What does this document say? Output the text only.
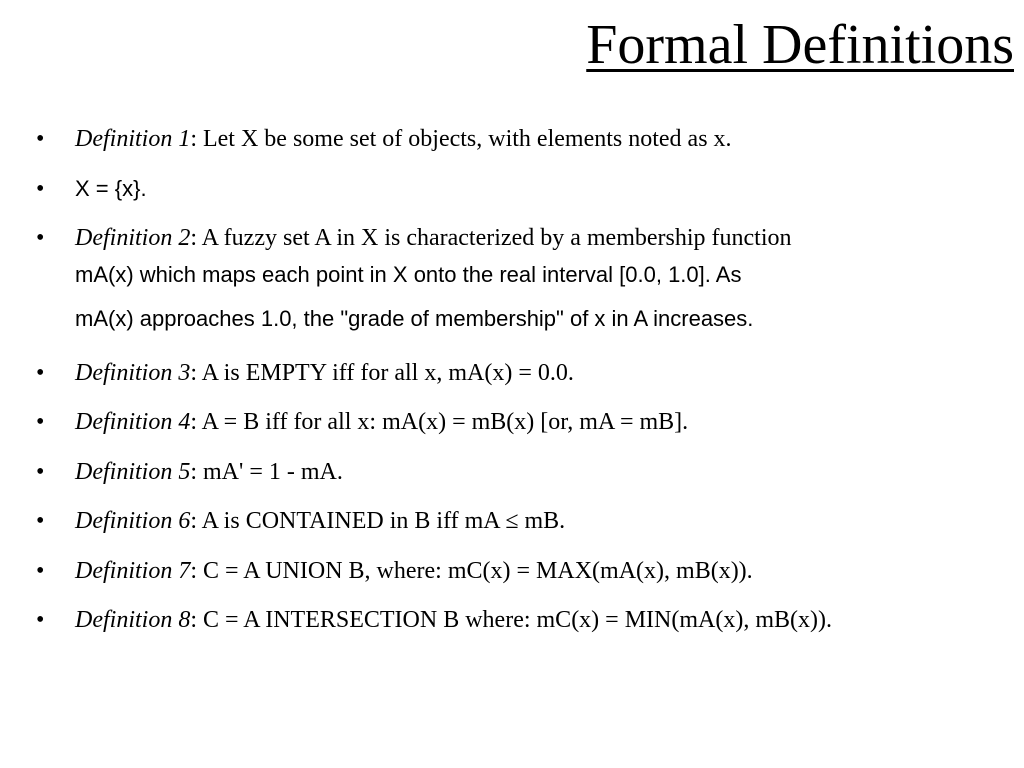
Formal Definitions
• Definition 1: Let X be some set of objects, with elements noted as x.
• X = {x}.
• Definition 2: A fuzzy set A in X is characterized by a membership function
mA(x) which maps each point in X onto the real interval [0.0, 1.0]. As
mA(x) approaches 1.0, the "grade of membership" of x in A increases.
• Definition 3: A is EMPTY iff for all x, mA(x) = 0.0.
• Definition 4: A = B iff for all x: mA(x) = mB(x) [or, mA = mB].
• Definition 5: mA' = 1 - mA.
• Definition 6: A is CONTAINED in B iff mA ≤ mB.
• Definition 7: C = A UNION B, where: mC(x) = MAX(mA(x), mB(x)).
• Definition 8: C = A INTERSECTION B where: mC(x) = MIN(mA(x), mB(x)).
